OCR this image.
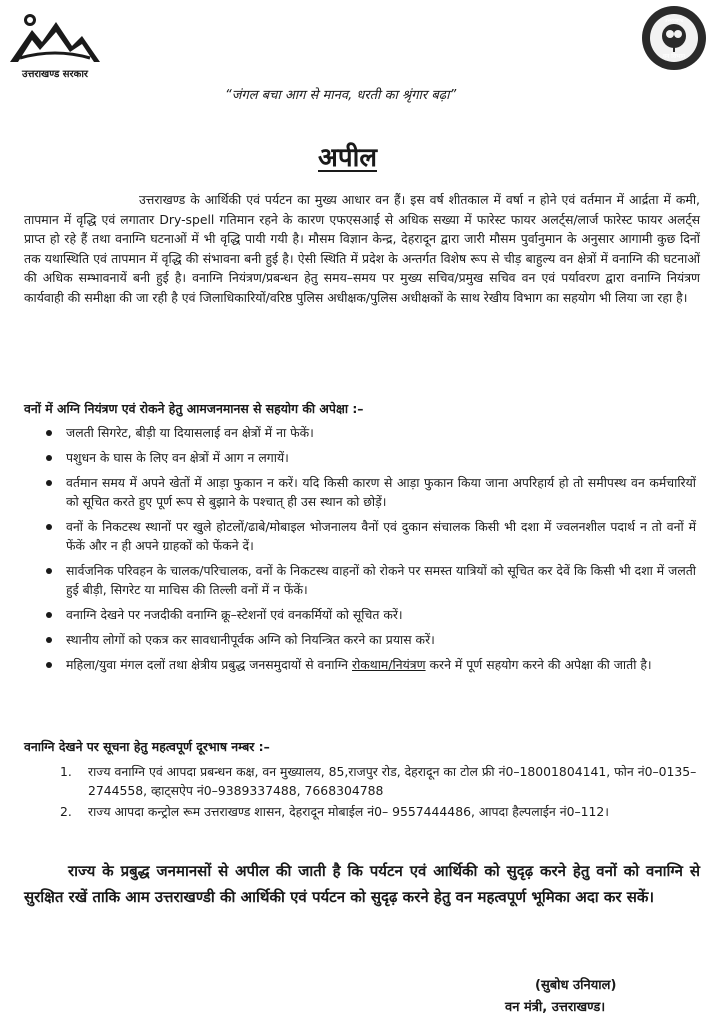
उत्तराखण्ड सरकार
उत्तराखण्ड
वन विभाग
“जंगल बचा आग से मानव, धरती का श्रृंगार बढ़ा”
अपील
उत्तराखण्ड के आर्थिकी एवं पर्यटन का मुख्य आधार वन हैं। इस वर्ष शीतकाल में वर्षा न होने एवं वर्तमान में आर्द्रता में कमी, तापमान में वृद्धि एवं लगातार Dry-spell गतिमान रहने के कारण एफएसआई से अधिक सख्या में फारेस्ट फायर अलर्ट्स/लार्ज फारेस्ट फायर अलर्ट्स प्राप्त हो रहे हैं तथा वनाग्नि घटनाओं में भी वृद्धि पायी गयी है। मौसम विज्ञान केन्द्र, देहरादून द्वारा जारी मौसम पुर्वानुमान के अनुसार आगामी कुछ दिनों तक यथास्थिति एवं तापमान में वृद्धि की संभावना बनी हुई है। ऐसी स्थिति में प्रदेश के अन्तर्गत विशेष रूप से चीड़ बाहुल्य वन क्षेत्रों में वनाग्नि की घटनाओं की अधिक सम्भावनायें बनी हुई है। वनाग्नि नियंत्रण/प्रबन्धन हेतु समय–समय पर मुख्य सचिव/प्रमुख सचिव वन एवं पर्यावरण द्वारा वनाग्नि नियंत्रण कार्यवाही की समीक्षा की जा रही है एवं जिलाधिकारियों/वरिष्ठ पुलिस अधीक्षक/पुलिस अधीक्षकों के साथ रेखीय विभाग का सहयोग भी लिया जा रहा है।
वनों में अग्नि नियंत्रण एवं रोकने हेतु आमजनमानस से सहयोग की अपेक्षा :–
जलती सिगरेट, बीड़ी या दियासलाई वन क्षेत्रों में ना फेकें।
पशुधन के घास के लिए वन क्षेत्रों में आग न लगायें।
वर्तमान समय में अपने खेतों में आड़ा फुकान न करें। यदि किसी कारण से आड़ा फुकान किया जाना अपरिहार्य हो तो समीपस्थ वन कर्मचारियों को सूचित करते हुए पूर्ण रूप से बुझाने के पश्चात् ही उस स्थान को छोड़ें।
वनों के निकटस्थ स्थानों पर खुले होटलों/ढाबे/मोबाइल भोजनालय वैनों एवं दुकान संचालक किसी भी दशा में ज्वलनशील पदार्थ न तो वनों में फेंकें और न ही अपने ग्राहकों को फेंकने दें।
सार्वजनिक परिवहन के चालक/परिचालक, वनों के निकटस्थ वाहनों को रोकने पर समस्त यात्रियों को सूचित कर देवें कि किसी भी दशा में जलती हुई बीड़ी, सिगरेट या माचिस की तिल्ली वनों में न फेंकें।
वनाग्नि देखने पर नजदीकी वनाग्नि क्रू–स्टेशनों एवं वनकर्मियों को सूचित करें।
स्थानीय लोगों को एकत्र कर सावधानीपूर्वक अग्नि को नियन्त्रित करने का प्रयास करें।
महिला/युवा मंगल दलों तथा क्षेत्रीय प्रबुद्ध जनसमुदायों से वनाग्नि रोकथाम/नियंत्रण करने में पूर्ण सहयोग करने की अपेक्षा की जाती है।
वनाग्नि देखने पर सूचना हेतु महत्वपूर्ण दूरभाष नम्बर :–
1. राज्य वनाग्नि एवं आपदा प्रबन्धन कक्ष, वन मुख्यालय, 85,राजपुर रोड, देहरादून का टोल फ्री नं0–18001804141, फोन नं0–0135–2744558, व्हाट्सऐप नं0–9389337488, 7668304788
2. राज्य आपदा कन्ट्रोल रूम उत्तराखण्ड शासन, देहरादून मोबाईल नं0– 9557444486, आपदा हैल्पलाईन नं0–112।
राज्य के प्रबुद्ध जनमानसों से अपील की जाती है कि पर्यटन एवं आर्थिकी को सुदृढ़ करने हेतु वनों को वनाग्नि से सुरक्षित रखें ताकि आम उत्तराखण्डी की आर्थिकी एवं पर्यटन को सुदृढ़ करने हेतु वन महत्वपूर्ण भूमिका अदा कर सकें।
(सुबोध उनियाल)
वन मंत्री, उत्तराखण्ड।
